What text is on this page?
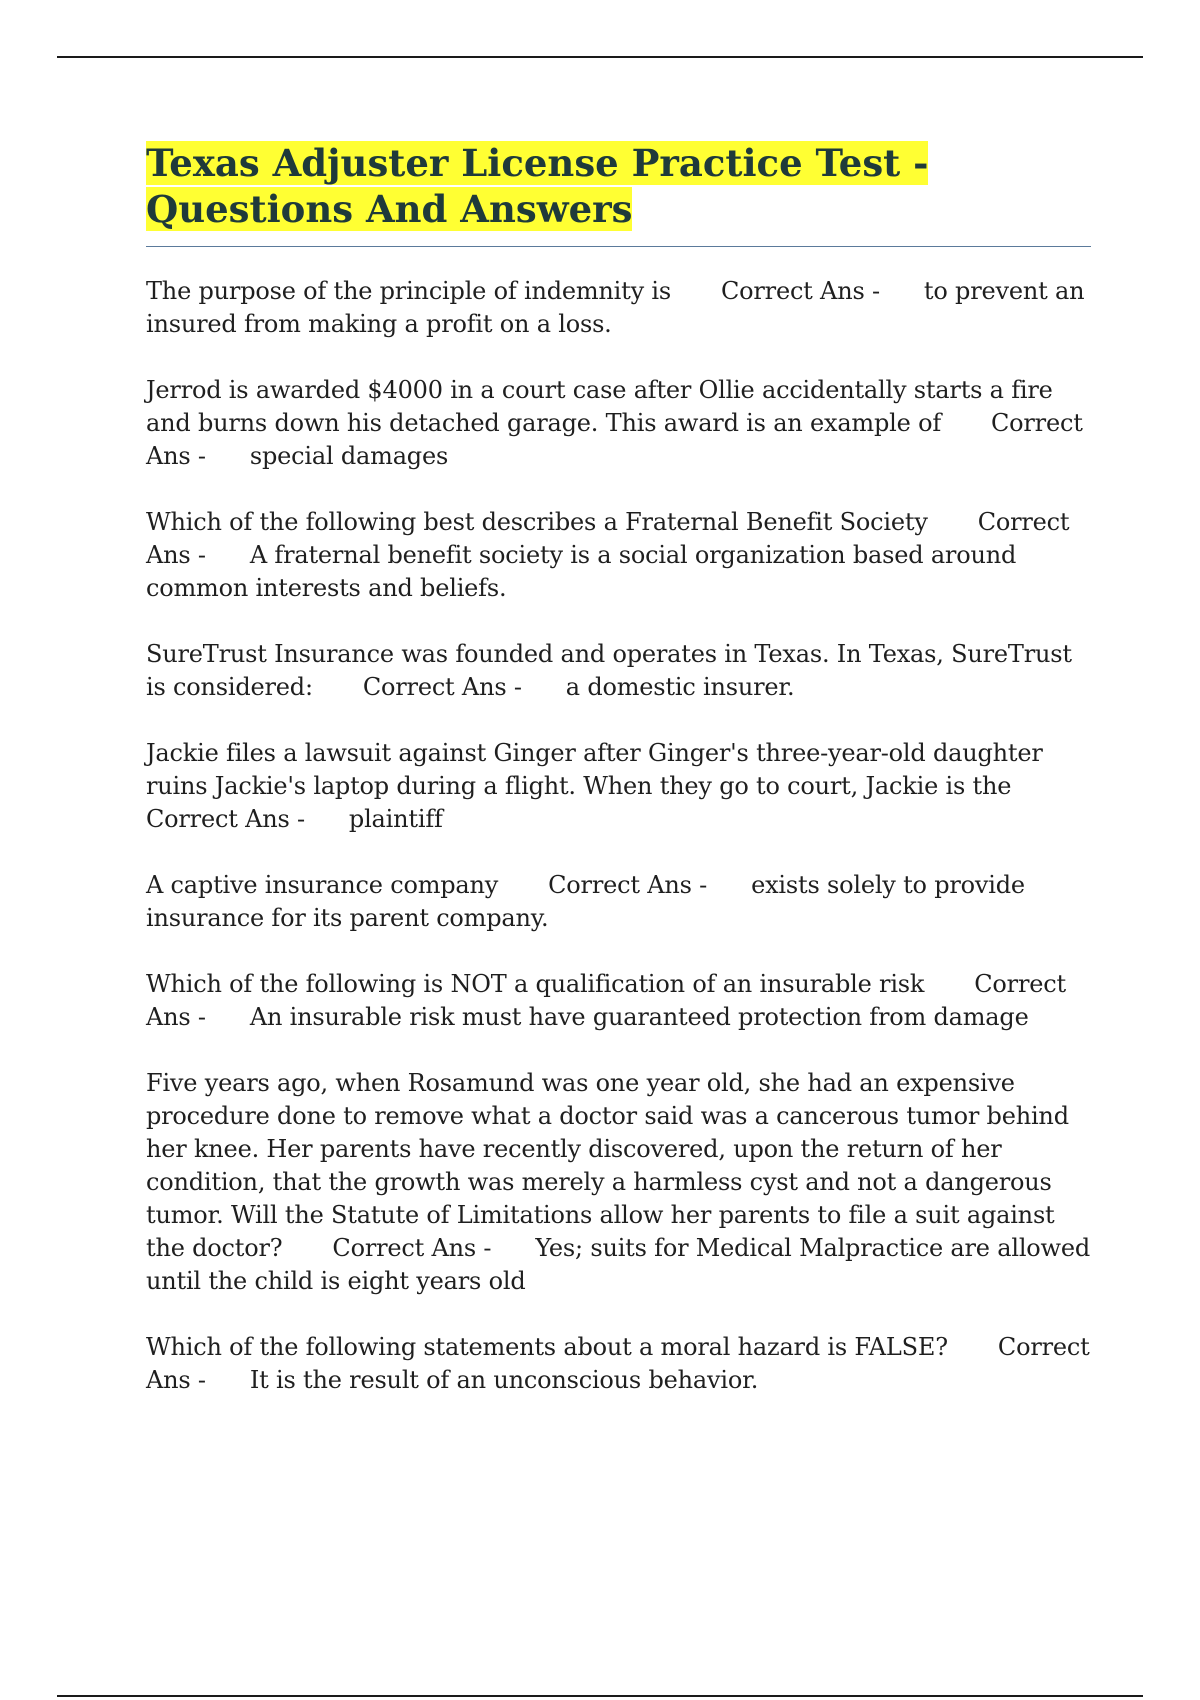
Texas Adjuster License Practice Test - Questions And Answers

The purpose of the principle of indemnity is Correct Ans - to prevent an insured from making a profit on a loss.

Jerrod is awarded $4000 in a court case after Ollie accidentally starts a fire and burns down his detached garage. This award is an example of Correct Ans - special damages

Which of the following best describes a Fraternal Benefit Society Correct Ans - A fraternal benefit society is a social organization based around common interests and beliefs.

SureTrust Insurance was founded and operates in Texas. In Texas, SureTrust is considered: Correct Ans - a domestic insurer.

Jackie files a lawsuit against Ginger after Ginger's three-year-old daughter ruins Jackie's laptop during a flight. When they go to court, Jackie is theCorrect Ans - plaintiff

A captive insurance company Correct Ans - exists solely to provide insurance for its parent company.

Which of the following is NOT a qualification of an insurable risk Correct Ans - An insurable risk must have guaranteed protection from damage

Five years ago, when Rosamund was one year old, she had an expensive procedure done to remove what a doctor said was a cancerous tumor behind her knee. Her parents have recently discovered, upon the return of her condition, that the growth was merely a harmless cyst and not a dangerous tumor. Will the Statute of Limitations allow her parents to file a suit against the doctor? Correct Ans - Yes; suits for Medical Malpractice are allowed until the child is eight years old

Which of the following statements about a moral hazard is FALSE? Correct Ans - It is the result of an unconscious behavior.
